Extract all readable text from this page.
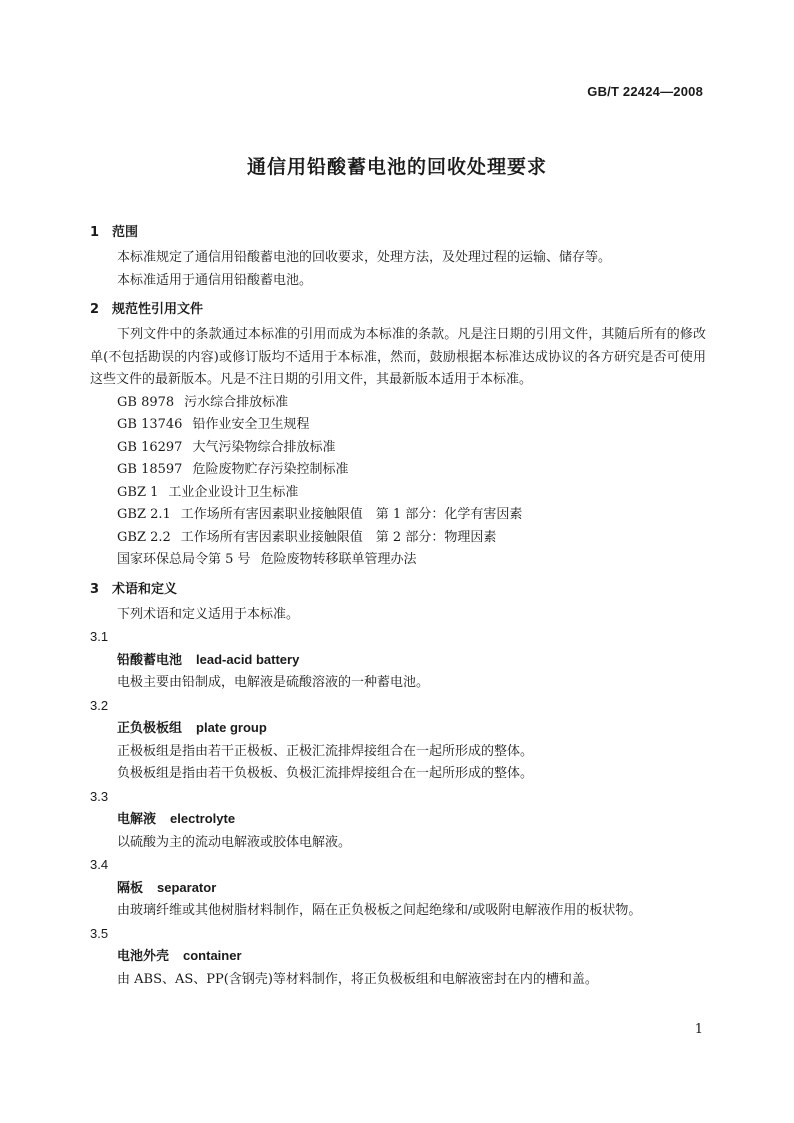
GB/T 22424—2008
通信用铅酸蓄电池的回收处理要求
1 范围

本标准规定了通信用铅酸蓄电池的回收要求，处理方法，及处理过程的运输、储存等。

本标准适用于通信用铅酸蓄电池。

2 规范性引用文件

下列文件中的条款通过本标准的引用而成为本标准的条款。凡是注日期的引用文件，其随后所有的修改单(不包括勘误的内容)或修订版均不适用于本标准，然而，鼓励根据本标准达成协议的各方研究是否可使用这些文件的最新版本。凡是不注日期的引用文件，其最新版本适用于本标准。

GB 8978 污水综合排放标准
GB 13746 铅作业安全卫生规程
GB 16297 大气污染物综合排放标准
GB 18597 危险废物贮存污染控制标准
GBZ 1 工业企业设计卫生标准
GBZ 2.1 工作场所有害因素职业接触限值　第 1 部分：化学有害因素
GBZ 2.2 工作场所有害因素职业接触限值　第 2 部分：物理因素
国家环保总局令第 5 号 危险废物转移联单管理办法
3 术语和定义

下列术语和定义适用于本标准。

3.1
铅酸蓄电池 lead-acid battery

电极主要由铅制成，电解液是硫酸溶液的一种蓄电池。

3.2
正负极板组 plate group

正极板组是指由若干正极板、正极汇流排焊接组合在一起所形成的整体。

负极板组是指由若干负极板、负极汇流排焊接组合在一起所形成的整体。

3.3
电解液 electrolyte

以硫酸为主的流动电解液或胶体电解液。

3.4
隔板 separator

由玻璃纤维或其他树脂材料制作，隔在正负极板之间起绝缘和/或吸附电解液作用的板状物。

3.5
电池外壳 container

由 ABS、AS、PP(含钢壳)等材料制作，将正负极板组和电解液密封在内的槽和盖。

1
